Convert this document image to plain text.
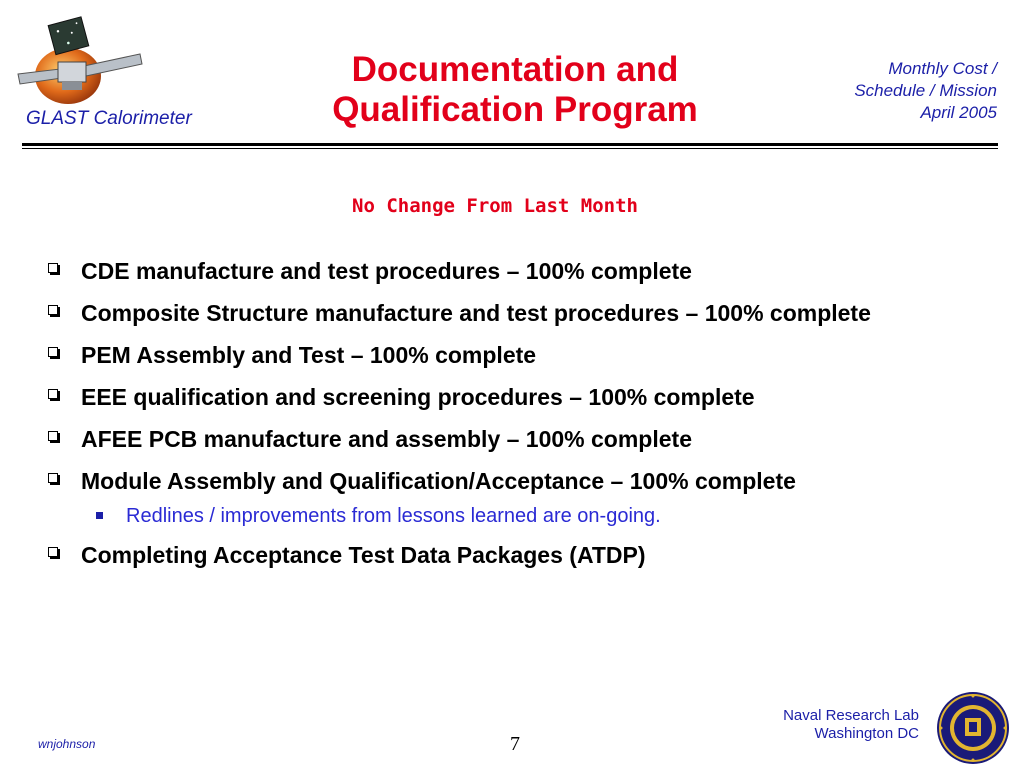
GLAST Calorimeter
Documentation and
Qualification Program
Monthly Cost /
Schedule / Mission
April 2005
No Change From Last Month
CDE manufacture and test procedures – 100% complete
Composite Structure manufacture and test procedures – 100% complete
PEM Assembly and Test – 100% complete
EEE qualification and screening procedures – 100% complete
AFEE PCB manufacture and assembly – 100% complete
Module Assembly and Qualification/Acceptance – 100% complete
Redlines / improvements from lessons learned are on-going.
Completing Acceptance Test Data Packages (ATDP)
wnjohnson	7
Naval Research Lab
Washington DC
